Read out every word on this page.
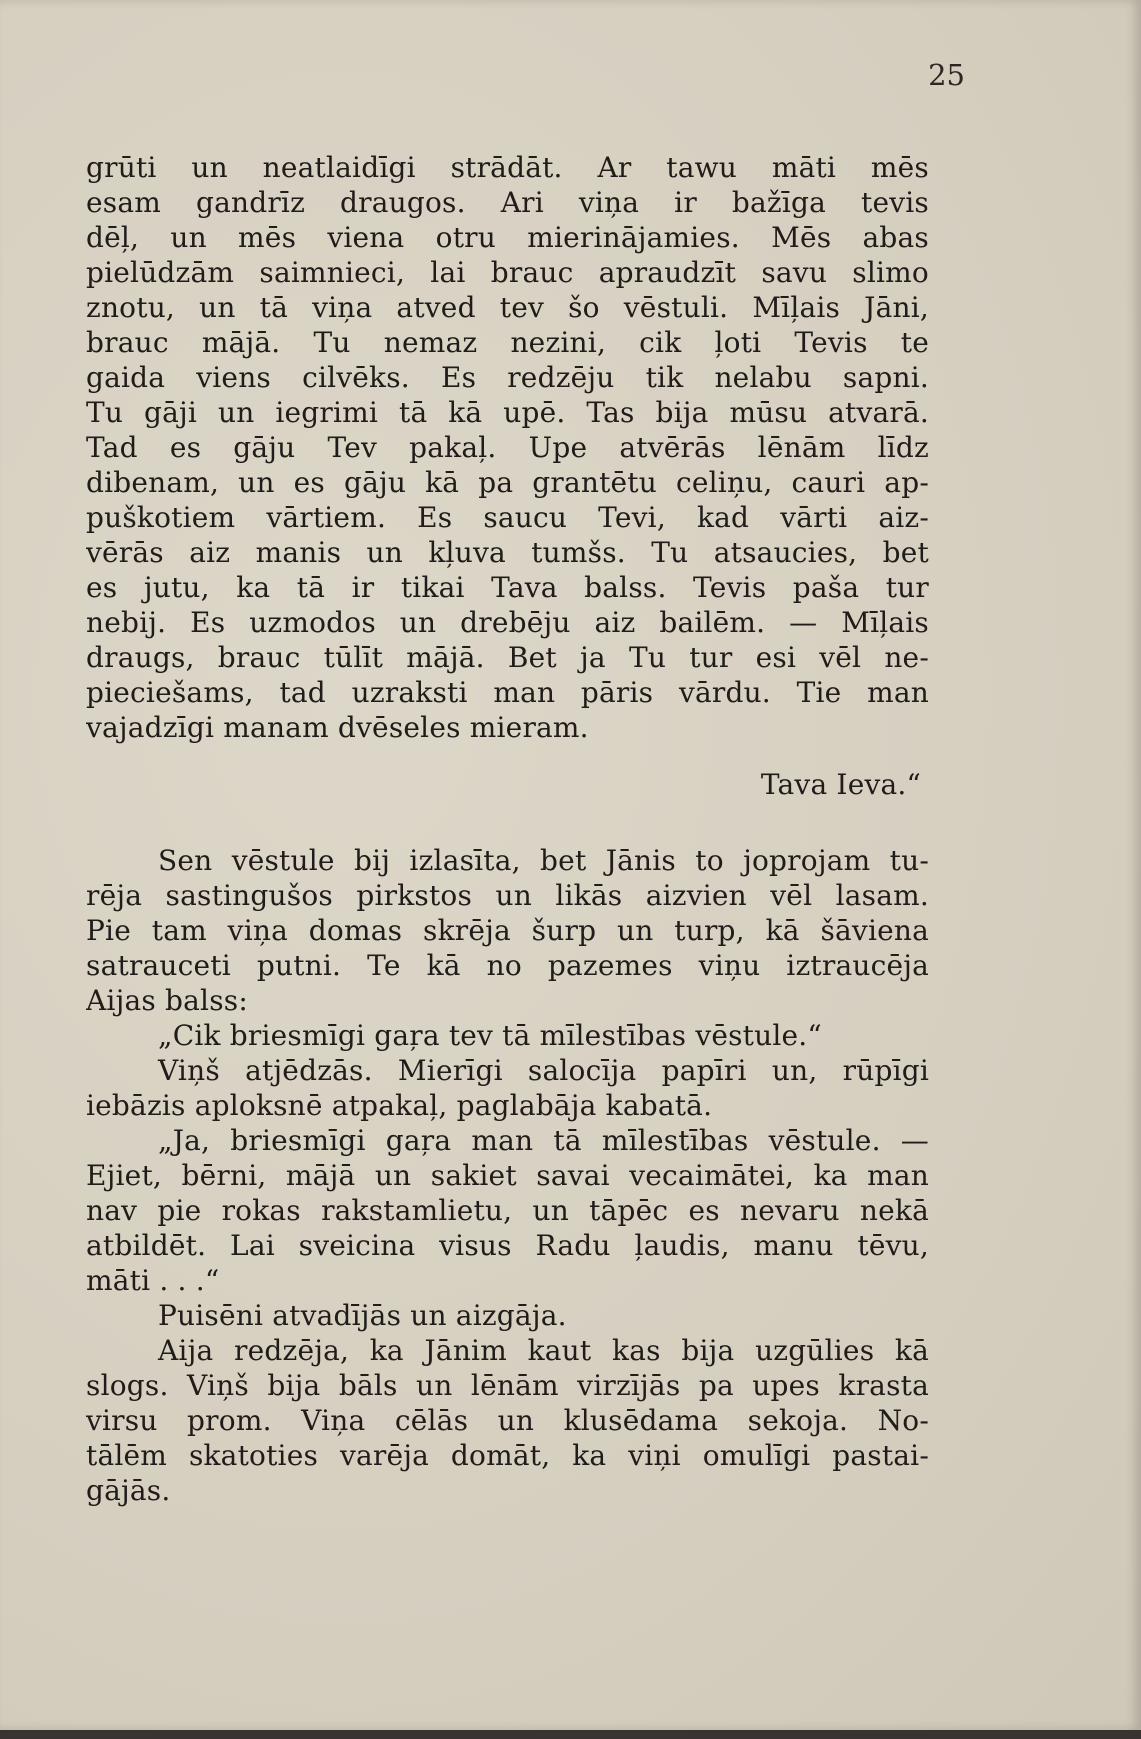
25
grūti un neatlaidīgi strādāt. Ar tawu māti mēs
esam gandrīz draugos. Ari viņa ir bažīga tevis
dēļ, un mēs viena otru mierinājamies. Mēs abas
pielūdzām saimnieci, lai brauc apraudzīt savu slimo
znotu, un tā viņa atved tev šo vēstuli. Mīļais Jāni,
brauc mājā. Tu nemaz nezini, cik ļoti Tevis te
gaida viens cilvēks. Es redzēju tik nelabu sapni.
Tu gāji un iegrimi tā kā upē. Tas bija mūsu atvarā.
Tad es gāju Tev pakaļ. Upe atvērās lēnām līdz
dibenam, un es gāju kā pa grantētu celiņu, cauri ap-
puškotiem vārtiem. Es saucu Tevi, kad vārti aiz-
vērās aiz manis un kļuva tumšs. Tu atsaucies, bet
es jutu, ka tā ir tikai Tava balss. Tevis paša tur
nebij. Es uzmodos un drebēju aiz bailēm. — Mīļais
draugs, brauc tūlīt mājā. Bet ja Tu tur esi vēl ne-
pieciešams, tad uzraksti man pāris vārdu. Tie man
vajadzīgi manam dvēseles mieram.
Tava Ieva.“
Sen vēstule bij izlasīta, bet Jānis to joprojam tu-
rēja sastingušos pirkstos un likās aizvien vēl lasam.
Pie tam viņa domas skrēja šurp un turp, kā šāviena
satrauceti putni. Te kā no pazemes viņu iztraucēja
Aijas balss:
„Cik briesmīgi gaŗa tev tā mīlestības vēstule.“
Viņš atjēdzās. Mierīgi salocīja papīri un, rūpīgi
iebāzis aploksnē atpakaļ, paglabāja kabatā.
„Ja, briesmīgi gaŗa man tā mīlestības vēstule. —
Ejiet, bērni, mājā un sakiet savai vecaimātei, ka man
nav pie rokas rakstamlietu, un tāpēc es nevaru nekā
atbildēt. Lai sveicina visus Radu ļaudis, manu tēvu,
māti . . .“
Puisēni atvadījās un aizgāja.
Aija redzēja, ka Jānim kaut kas bija uzgūlies kā
slogs. Viņš bija bāls un lēnām virzījās pa upes krasta
virsu prom. Viņa cēlās un klusēdama sekoja. No-
tālēm skatoties varēja domāt, ka viņi omulīgi pastai-
gājās.
